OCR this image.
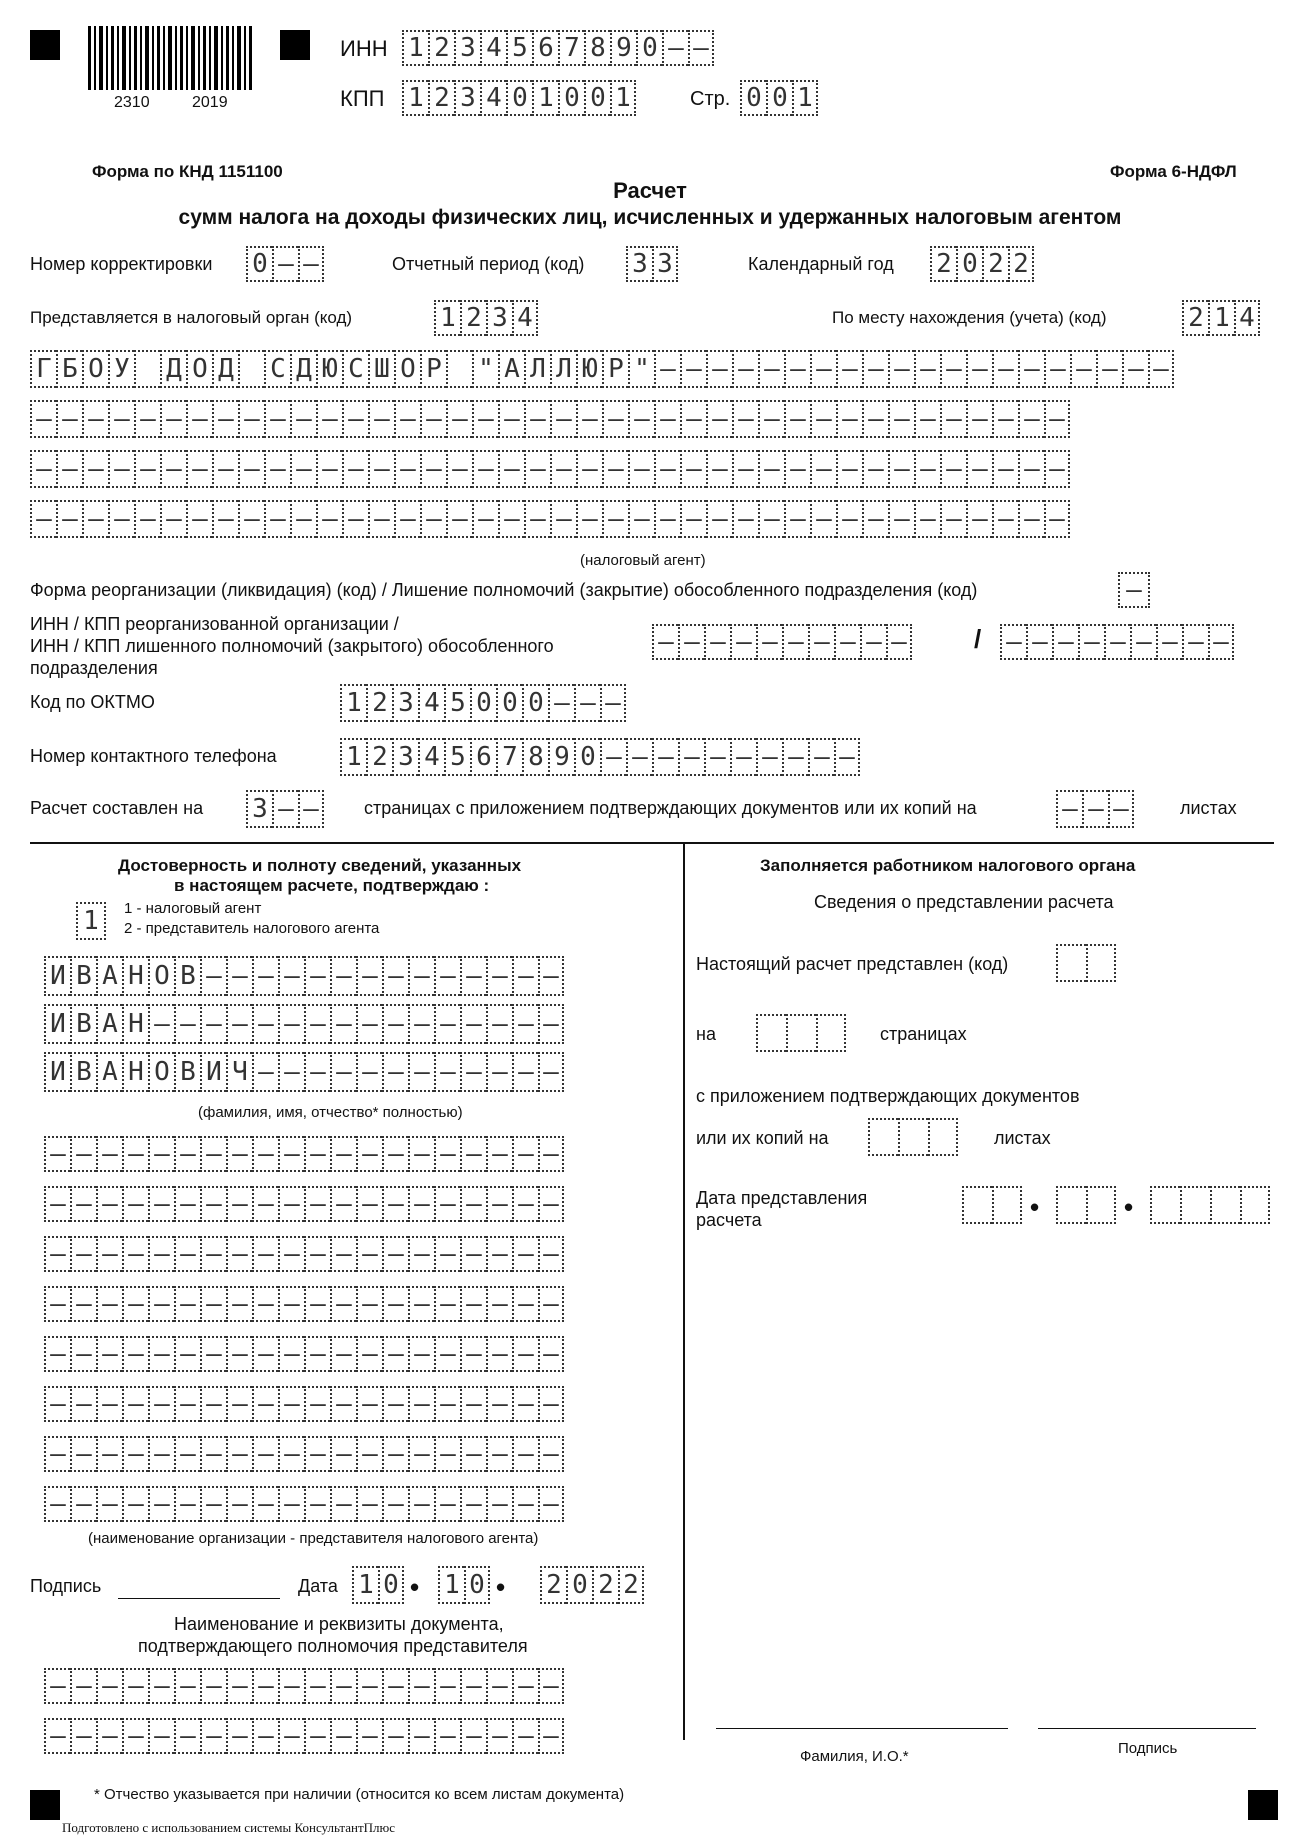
2310	2019
ИНН 1 2 3 4 5 6 7 8 9 0 – –
КПП 1 2 3 4 0 1 0 0 1	Стр. 0 0 1
Форма по КНД 1151100	Форма 6-НДФЛ
Расчет
сумм налога на доходы физических лиц, исчисленных и удержанных налоговым агентом
Номер корректировки 0 – –	Отчетный период (код) 3 3	Календарный год 2 0 2 2
Представляется в налоговый орган (код)	1 2 3 4	По месту нахождения (учета) (код)	2 1 4
Г Б О У Д О Д С Д Ю С Ш О Р " А Л Л Ю Р " – – – – – – – – – – – – – – – – – – – –
– – – – – – – – – – – – – – – – – – – – – – – – – – – – – – – – – – – – – – – –
– – – – – – – – – – – – – – – – – – – – – – – – – – – – – – – – – – – – – – – –
– – – – – – – – – – – – – – – – – – – – – – – – – – – – – – – – – – – – – – – –
(налоговый агент)
Форма реорганизации (ликвидация) (код) / Лишение полномочий (закрытие) обособленного подразделения (код)	–
ИНН / КПП реорганизованной организации /
ИНН / КПП лишенного полномочий (закрытого) обособленного
подразделения
– – – – – – – – – –	/ – – – – – – – – –
Код по ОКТМО	1 2 3 4 5 0 0 0 – – –
Номер контактного телефона	1 2 3 4 5 6 7 8 9 0 – – – – – – – – – –
Расчет составлен на 3 – –	страницах с приложением подтверждающих документов или их копий на	– – –	листах
Достоверность и полноту сведений, указанных
в настоящем расчете, подтверждаю :
1	1 - налоговый агент
2 - представитель налогового агента
И В А Н О В – – – – – – – – – – – – – –
И В А Н – – – – – – – – – – – – – – – –
И В А Н О В И Ч – – – – – – – – – – – –
(фамилия, имя, отчество* полностью)
– – – – – – – – – – – – – – – – – – – –
– – – – – – – – – – – – – – – – – – – –
– – – – – – – – – – – – – – – – – – – –
– – – – – – – – – – – – – – – – – – – –
– – – – – – – – – – – – – – – – – – – –
– – – – – – – – – – – – – – – – – – – –
– – – – – – – – – – – – – – – – – – – –
– – – – – – – – – – – – – – – – – – – –
(наименование организации - представителя налогового агента)
Подпись	Дата 1 0 • 1 0 • 2 0 2 2
Наименование и реквизиты документа,
подтверждающего полномочия представителя
– – – – – – – – – – – – – – – – – – – –
– – – – – – – – – – – – – – – – – – – –
Заполняется работником налогового органа
Сведения о представлении расчета
Настоящий расчет представлен (код)
на	страницах
с приложением подтверждающих документов
или их копий на	листах
Дата представления
расчета	•	•
Фамилия, И.О.*	Подпись
* Отчество указывается при наличии (относится ко всем листам документа)
Подготовлено с использованием системы КонсультантПлюс
